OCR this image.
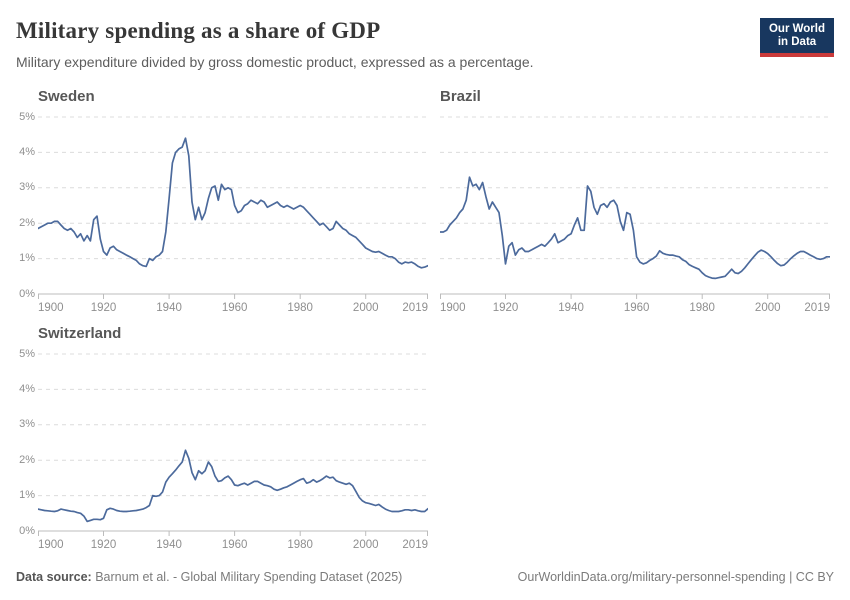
Military spending as a share of GDP
Military expenditure divided by gross domestic product, expressed as a percentage.
Our World
in Data
Sweden
0%
1%
2%
3%
4%
5%
1900 1920	1940	1960	1980	2000 2019
Brazil
1900 1920	1940	1960	1980	2000 2019
Switzerland
0%
1%
2%
3%
4%
5%
1900 1920	1940	1960	1980	2000 2019
Data source: Barnum et al. - Global Military Spending Dataset (2025)	OurWorldinData.org/military-personnel-spending | CC BY
